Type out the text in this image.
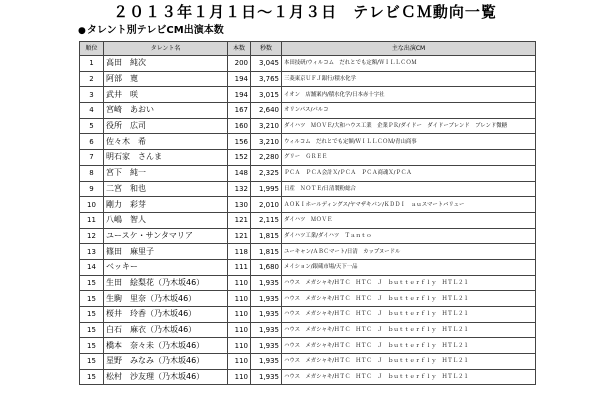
２０１３年１月１日～１月３日　テレビＣＭ動向一覧
●タレント別テレビCM出演本数
順位	タレント名	本数	秒数	主な出演CM
1	高田　純次	200	3,045	本田技研/ウィルコム　だれとでも定額/ＷＩＬＬＣＯＭ
2	阿部　寛	194	3,765	三菱東京ＵＦＪ銀行/積水化学
3	武井　咲	194	3,015	イオン　店舗案内/積水化学/日本赤十字社
4	宮崎　あおい	167	2,640	オリンパス/パルコ
5	役所　広司	160	3,210	ダイハツ　ＭＯＶＥ/大和ハウス工業　企業ＰＲ/ダイドー　ダイドーブレンド　ブレンド微糖
6	佐々木　希	156	3,210	ウィルコム　だれとでも定額/ＷＩＬＬＣＯＭ/青山商事
7	明石家　さんま	152	2,280	グリー　ＧＲＥＥ
8	宮下　純一	148	2,325	ＰＣＡ　ＰＣＡ会計Ｘ/ＰＣＡ　ＰＣＡ商魂Ｘ/ＰＣＡ
9	二宮　和也	132	1,995	日産　ＮＯＴＥ/日清製粉総合
10	剛力　彩芽	130	2,010	ＡＯＫＩホールディングス/ヤマザキパン/ＫＤＤＩ　ａｕスマートバリュー
11	八嶋　智人	121	2,115	ダイハツ　ＭＯＶＥ
12	ユースケ・サンタマリア	121	1,815	ダイハツ工業/ダイハツ　Ｔａｎｔｏ
13	篠田　麻里子	118	1,815	ユーキャン/ＡＢＣマート/日清　カップヌードル
14	ベッキー	111	1,680	メイション/銀蔵市場/天下一品
15	生田　絵梨花（乃木坂46）	110	1,935	ハウス　メガシャキ/ＨＴＣ　ＨＴＣ　Ｊ　ｂｕｔｔｅｒｆｌｙ　ＨＴＬ２１
15	生駒　里奈（乃木坂46）	110	1,935	ハウス　メガシャキ/ＨＴＣ　ＨＴＣ　Ｊ　ｂｕｔｔｅｒｆｌｙ　ＨＴＬ２１
15	桜井　玲香（乃木坂46）	110	1,935	ハウス　メガシャキ/ＨＴＣ　ＨＴＣ　Ｊ　ｂｕｔｔｅｒｆｌｙ　ＨＴＬ２１
15	白石　麻衣（乃木坂46）	110	1,935	ハウス　メガシャキ/ＨＴＣ　ＨＴＣ　Ｊ　ｂｕｔｔｅｒｆｌｙ　ＨＴＬ２１
15	橋本　奈々未（乃木坂46）	110	1,935	ハウス　メガシャキ/ＨＴＣ　ＨＴＣ　Ｊ　ｂｕｔｔｅｒｆｌｙ　ＨＴＬ２１
15	星野　みなみ（乃木坂46）	110	1,935	ハウス　メガシャキ/ＨＴＣ　ＨＴＣ　Ｊ　ｂｕｔｔｅｒｆｌｙ　ＨＴＬ２１
15	松村　沙友理（乃木坂46）	110	1,935	ハウス　メガシャキ/ＨＴＣ　ＨＴＣ　Ｊ　ｂｕｔｔｅｒｆｌｙ　ＨＴＬ２１
